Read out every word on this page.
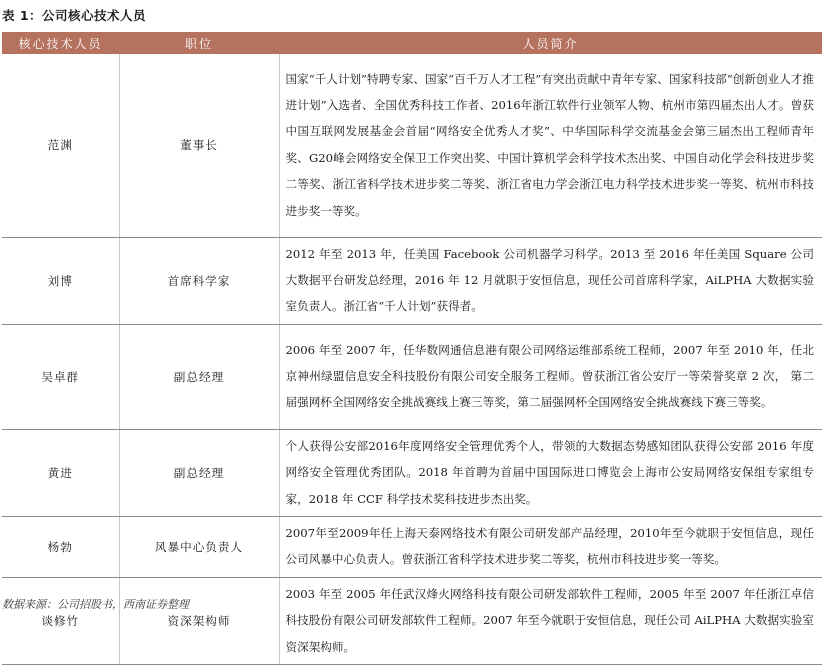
表 1：公司核心技术人员
核心技术人员	职位	人员简介
范渊	董事长	国家“千人计划”特聘专家、国家“百千万人才工程”有突出贡献中青年专家、国家科技部“创新创业人才推进计划”入选者、全国优秀科技工作者、2016年浙江软件行业领军人物、杭州市第四届杰出人才。曾获中国互联网发展基金会首届“网络安全优秀人才奖”、中华国际科学交流基金会第三届杰出工程师青年奖、G20峰会网络安全保卫工作突出奖、中国计算机学会科学技术杰出奖、中国自动化学会科技进步奖二等奖、浙江省科学技术进步奖二等奖、浙江省电力学会浙江电力科学技术进步奖一等奖、杭州市科技进步奖一等奖。
刘博	首席科学家	2012 年至 2013 年，任美国 Facebook 公司机器学习科学。2013 至 2016 年任美国 Square 公司大数据平台研发总经理，2016 年 12 月就职于安恒信息，现任公司首席科学家，AiLPHA 大数据实验室负责人。浙江省“千人计划”获得者。
吴卓群	副总经理	2006 年至 2007 年，任华数网通信息港有限公司网络运维部系统工程师，2007 年至 2010 年，任北京神州绿盟信息安全科技股份有限公司安全服务工程师。曾获浙江省公安厅一等荣誉奖章 2 次， 第二届强网杯全国网络安全挑战赛线上赛三等奖，第二届强网杯全国网络安全挑战赛线下赛三等奖。
黄进	副总经理	个人获得公安部2016年度网络安全管理优秀个人，带领的大数据态势感知团队获得公安部 2016 年度网络安全管理优秀团队。2018 年首聘为首届中国国际进口博览会上海市公安局网络安保组专家组专家，2018 年 CCF 科学技术奖科技进步杰出奖。
杨勃	风暴中心负责人	2007年至2009年任上海天泰网络技术有限公司研发部产品经理，2010年至今就职于安恒信息，现任公司风暴中心负责人。曾获浙江省科学技术进步奖二等奖，杭州市科技进步奖一等奖。
谈修竹	资深架构师	2003 年至 2005 年任武汉烽火网络科技有限公司研发部软件工程师，2005 年至 2007 年任浙江卓信科技股份有限公司研发部软件工程师。2007 年至今就职于安恒信息，现任公司 AiLPHA 大数据实验室资深架构师。
数据来源：公司招股书，西南证券整理
